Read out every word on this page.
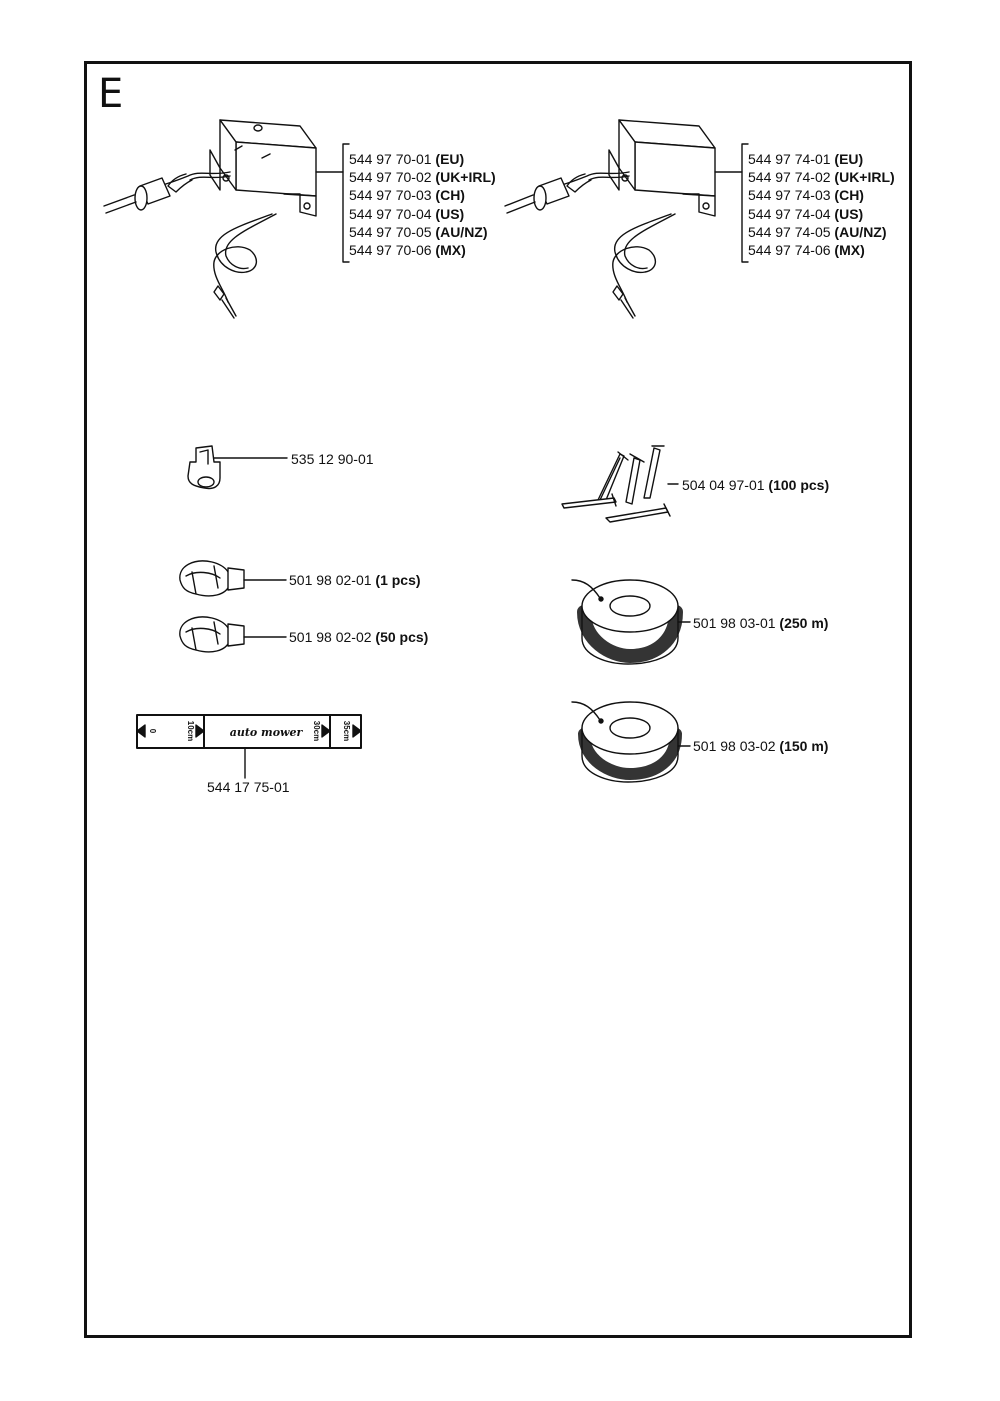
E
0	10cm	30cm	35cm
auto mower
544 97 70-01 (EU)
544 97 70-02 (UK+IRL)
544 97 70-03 (CH)
544 97 70-04 (US)
544 97 70-05 (AU/NZ)
544 97 70-06 (MX)
544 97 74-01 (EU)
544 97 74-02 (UK+IRL)
544 97 74-03 (CH)
544 97 74-04 (US)
544 97 74-05 (AU/NZ)
544 97 74-06 (MX)
535 12 90-01
504 04 97-01 (100 pcs)
501 98 02-01 (1 pcs)
501 98 02-02 (50 pcs)
501 98 03-01 (250 m)
501 98 03-02 (150 m)
544 17 75-01
